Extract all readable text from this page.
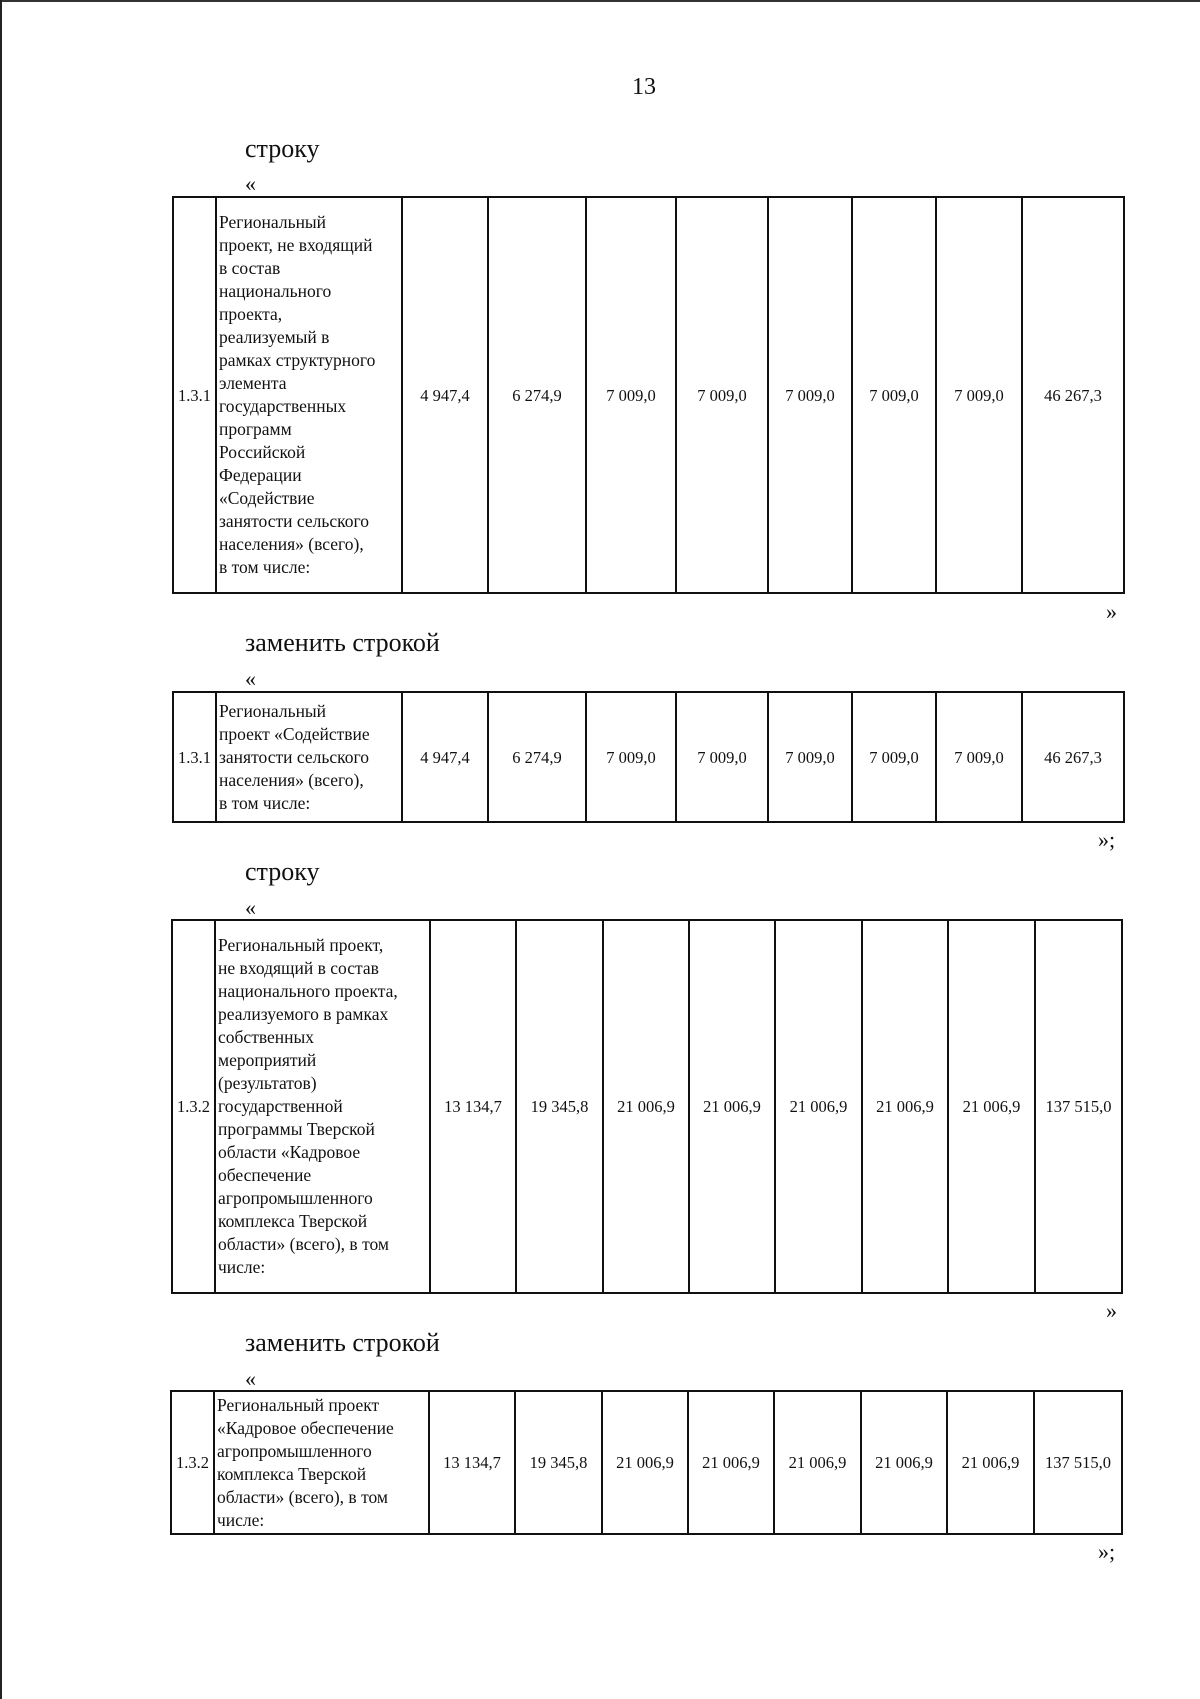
13
строку
«
1.3.1	Региональный
проект, не входящий
в состав
национального
проекта,
реализуемый в
рамках структурного
элемента
государственных
программ
Российской
Федерации
«Содействие
занятости сельского
населения» (всего),
в том числе:	4 947,4	6 274,9	7 009,0	7 009,0	7 009,0	7 009,0	7 009,0	46 267,3
»
заменить строкой
«
1.3.1	Региональный
проект «Содействие
занятости сельского
населения» (всего),
в том числе:	4 947,4	6 274,9	7 009,0	7 009,0	7 009,0	7 009,0	7 009,0	46 267,3
»;
строку
«
1.3.2	Региональный проект,
не входящий в состав
национального проекта,
реализуемого в рамках
собственных
мероприятий
(результатов)
государственной
программы Тверской
области «Кадровое
обеспечение
агропромышленного
комплекса Тверской
области» (всего), в том
числе:	13 134,7	19 345,8	21 006,9	21 006,9	21 006,9	21 006,9	21 006,9	137 515,0
»
заменить строкой
«
1.3.2	Региональный проект
«Кадровое обеспечение
агропромышленного
комплекса Тверской
области» (всего), в том
числе:	13 134,7	19 345,8	21 006,9	21 006,9	21 006,9	21 006,9	21 006,9	137 515,0
»;
